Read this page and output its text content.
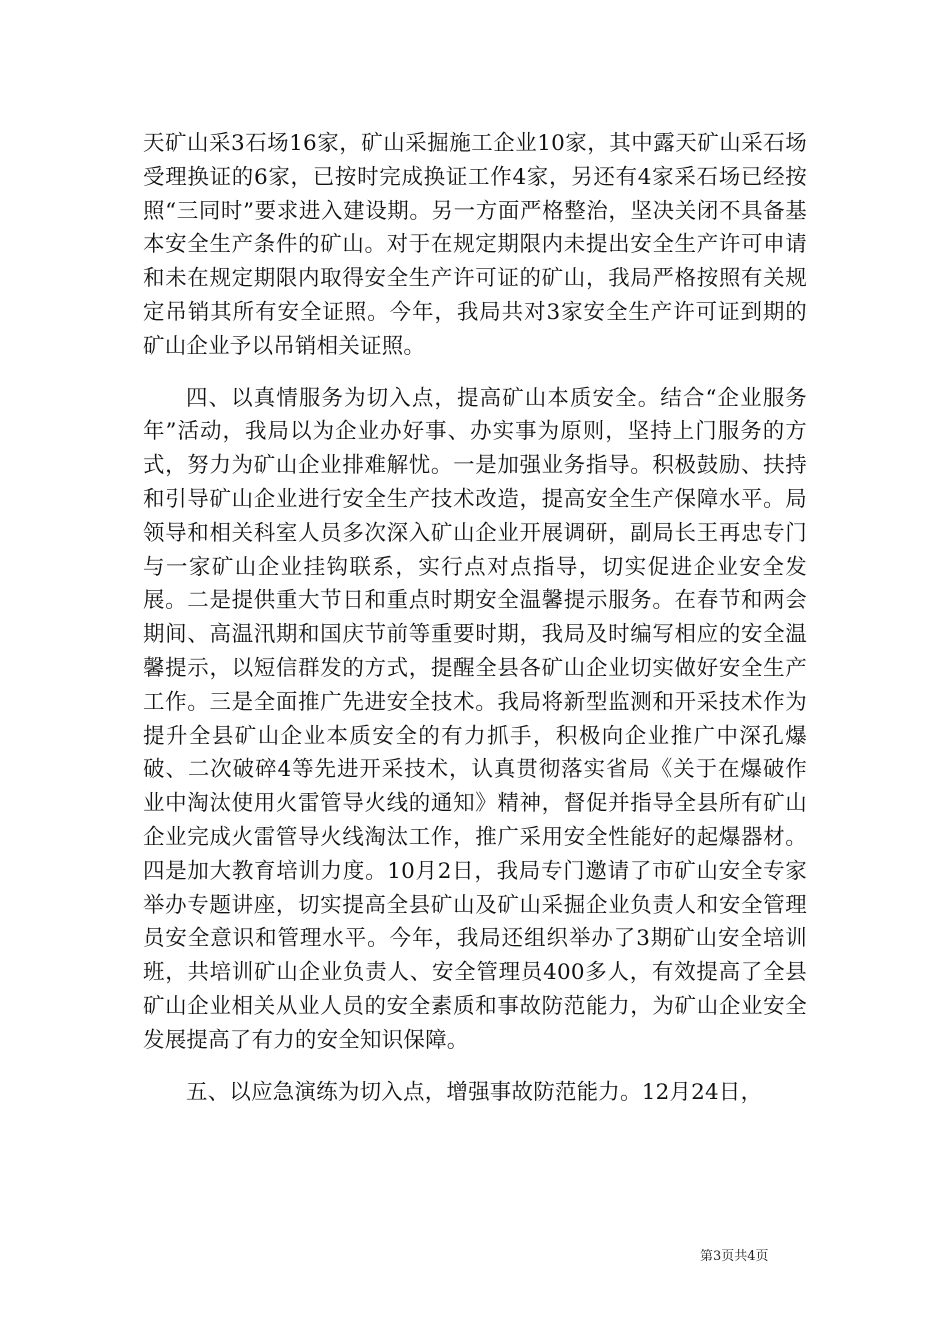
天矿山采3石场16家，矿山采掘施工企业10家，其中露天矿山采石场受理换证的6家，已按时完成换证工作4家，另还有4家采石场已经按照“三同时”要求进入建设期。另一方面严格整治，坚决关闭不具备基本安全生产条件的矿山。对于在规定期限内未提出安全生产许可申请和未在规定期限内取得安全生产许可证的矿山，我局严格按照有关规定吊销其所有安全证照。今年，我局共对3家安全生产许可证到期的矿山企业予以吊销相关证照。

四、以真情服务为切入点，提高矿山本质安全。结合“企业服务年”活动，我局以为企业办好事、办实事为原则，坚持上门服务的方式，努力为矿山企业排难解忧。一是加强业务指导。积极鼓励、扶持和引导矿山企业进行安全生产技术改造，提高安全生产保障水平。局领导和相关科室人员多次深入矿山企业开展调研，副局长王再忠专门与一家矿山企业挂钩联系，实行点对点指导，切实促进企业安全发展。二是提供重大节日和重点时期安全温馨提示服务。在春节和两会期间、高温汛期和国庆节前等重要时期，我局及时编写相应的安全温馨提示，以短信群发的方式，提醒全县各矿山企业切实做好安全生产工作。三是全面推广先进安全技术。我局将新型监测和开采技术作为提升全县矿山企业本质安全的有力抓手，积极向企业推广中深孔爆破、二次破碎4等先进开采技术，认真贯彻落实省局《关于在爆破作业中淘汰使用火雷管导火线的通知》精神，督促并指导全县所有矿山企业完成火雷管导火线淘汰工作，推广采用安全性能好的起爆器材。四是加大教育培训力度。10月2日，我局专门邀请了市矿山安全专家举办专题讲座，切实提高全县矿山及矿山采掘企业负责人和安全管理员安全意识和管理水平。今年，我局还组织举办了3期矿山安全培训班，共培训矿山企业负责人、安全管理员400多人，有效提高了全县矿山企业相关从业人员的安全素质和事故防范能力，为矿山企业安全发展提高了有力的安全知识保障。

五、以应急演练为切入点，增强事故防范能力。12月24日，

第3页共4页
